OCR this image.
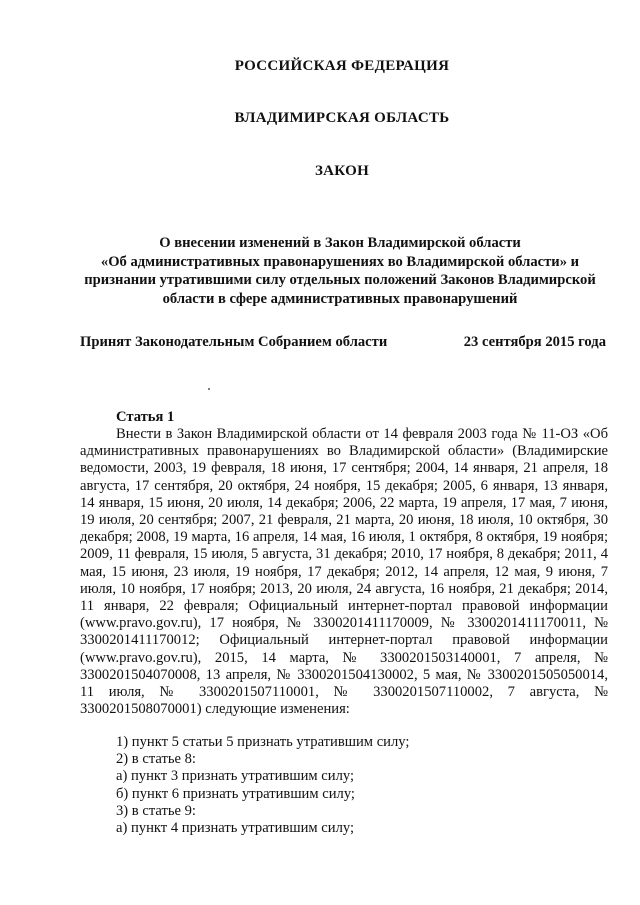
РОССИЙСКАЯ ФЕДЕРАЦИЯ
ВЛАДИМИРСКАЯ ОБЛАСТЬ
ЗАКОН
О внесении изменений в Закон Владимирской области
«Об административных правонарушениях во Владимирской области» и
признании утратившими силу отдельных положений Законов Владимирской
области в сфере административных правонарушений
Принят Законодательным Собранием области	23 сентября 2015 года
Статья 1

Внести в Закон Владимирской области от 14 февраля 2003 года № 11-ОЗ «Об административных правонарушениях во Владимирской области» (Владимирские ведомости, 2003, 19 февраля, 18 июня, 17 сентября; 2004, 14 января, 21 апреля, 18 августа, 17 сентября, 20 октября, 24 ноября, 15 декабря; 2005, 6 января, 13 января, 14 января, 15 июня, 20 июля, 14 декабря; 2006, 22 марта, 19 апреля, 17 мая, 7 июня, 19 июля, 20 сентября; 2007, 21 февраля, 21 марта, 20 июня, 18 июля, 10 октября, 30 декабря; 2008, 19 марта, 16 апреля, 14 мая, 16 июля, 1 октября, 8 октября, 19 ноября; 2009, 11 февраля, 15 июля, 5 августа, 31 декабря; 2010, 17 ноября, 8 декабря; 2011, 4 мая, 15 июня, 23 июля, 19 ноября, 17 декабря; 2012, 14 апреля, 12 мая, 9 июня, 7 июля, 10 ноября, 17 ноября; 2013, 20 июля, 24 августа, 16 ноября, 21 декабря; 2014, 11 января, 22 февраля; Официальный интернет-портал правовой информации (www.pravo.gov.ru), 17 ноября, № 3300201411170009, № 3300201411170011, № 3300201411170012; Официальный интернет-портал правовой информации (www.pravo.gov.ru), 2015, 14 марта, № 3300201503140001, 7 апреля, № 3300201504070008, 13 апреля, № 3300201504130002, 5 мая, № 3300201505050014, 11 июля, № 3300201507110001, № 3300201507110002, 7 августа, № 3300201508070001) следующие изменения:

1) пункт 5 статьи 5 признать утратившим силу;
2) в статье 8:
а) пункт 3 признать утратившим силу;
б) пункт 6 признать утратившим силу;
3) в статье 9:
а) пункт 4 признать утратившим силу;
